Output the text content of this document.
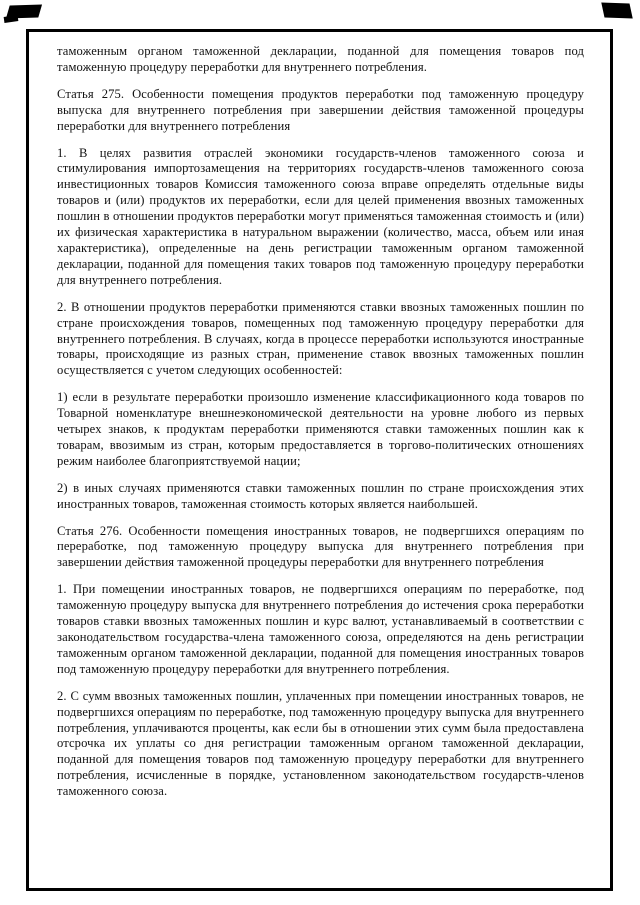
таможенным органом таможенной декларации, поданной для помещения товаров под таможенную процедуру переработки для внутреннего потребления.

Статья 275. Особенности помещения продуктов переработки под таможенную процедуру выпуска для внутреннего потребления при завершении действия таможенной процедуры переработки для внутреннего потребления

1. В целях развития отраслей экономики государств-членов таможенного союза и стимулирования импортозамещения на территориях государств-членов таможенного союза инвестиционных товаров Комиссия таможенного союза вправе определять отдельные виды товаров и (или) продуктов их переработки, если для целей применения ввозных таможенных пошлин в отношении продуктов переработки могут применяться таможенная стоимость и (или) их физическая характеристика в натуральном выражении (количество, масса, объем или иная характеристика), определенные на день регистрации таможенным органом таможенной декларации, поданной для помещения таких товаров под таможенную процедуру переработки для внутреннего потребления.

2. В отношении продуктов переработки применяются ставки ввозных таможенных пошлин по стране происхождения товаров, помещенных под таможенную процедуру переработки для внутреннего потребления. В случаях, когда в процессе переработки используются иностранные товары, происходящие из разных стран, применение ставок ввозных таможенных пошлин осуществляется с учетом следующих особенностей:

1) если в результате переработки произошло изменение классификационного кода товаров по Товарной номенклатуре внешнеэкономической деятельности на уровне любого из первых четырех знаков, к продуктам переработки применяются ставки таможенных пошлин как к товарам, ввозимым из стран, которым предоставляется в торгово-политических отношениях режим наиболее благоприятствуемой нации;

2) в иных случаях применяются ставки таможенных пошлин по стране происхождения этих иностранных товаров, таможенная стоимость которых является наибольшей.

Статья 276. Особенности помещения иностранных товаров, не подвергшихся операциям по переработке, под таможенную процедуру выпуска для внутреннего потребления при завершении действия таможенной процедуры переработки для внутреннего потребления

1. При помещении иностранных товаров, не подвергшихся операциям по переработке, под таможенную процедуру выпуска для внутреннего потребления до истечения срока переработки товаров ставки ввозных таможенных пошлин и курс валют, устанавливаемый в соответствии с законодательством государства-члена таможенного союза, определяются на день регистрации таможенным органом таможенной декларации, поданной для помещения иностранных товаров под таможенную процедуру переработки для внутреннего потребления.

2. С сумм ввозных таможенных пошлин, уплаченных при помещении иностранных товаров, не подвергшихся операциям по переработке, под таможенную процедуру выпуска для внутреннего потребления, уплачиваются проценты, как если бы в отношении этих сумм была предоставлена отсрочка их уплаты со дня регистрации таможенным органом таможенной декларации, поданной для помещения товаров под таможенную процедуру переработки для внутреннего потребления, исчисленные в порядке, установленном законодательством государств-членов таможенного союза.
